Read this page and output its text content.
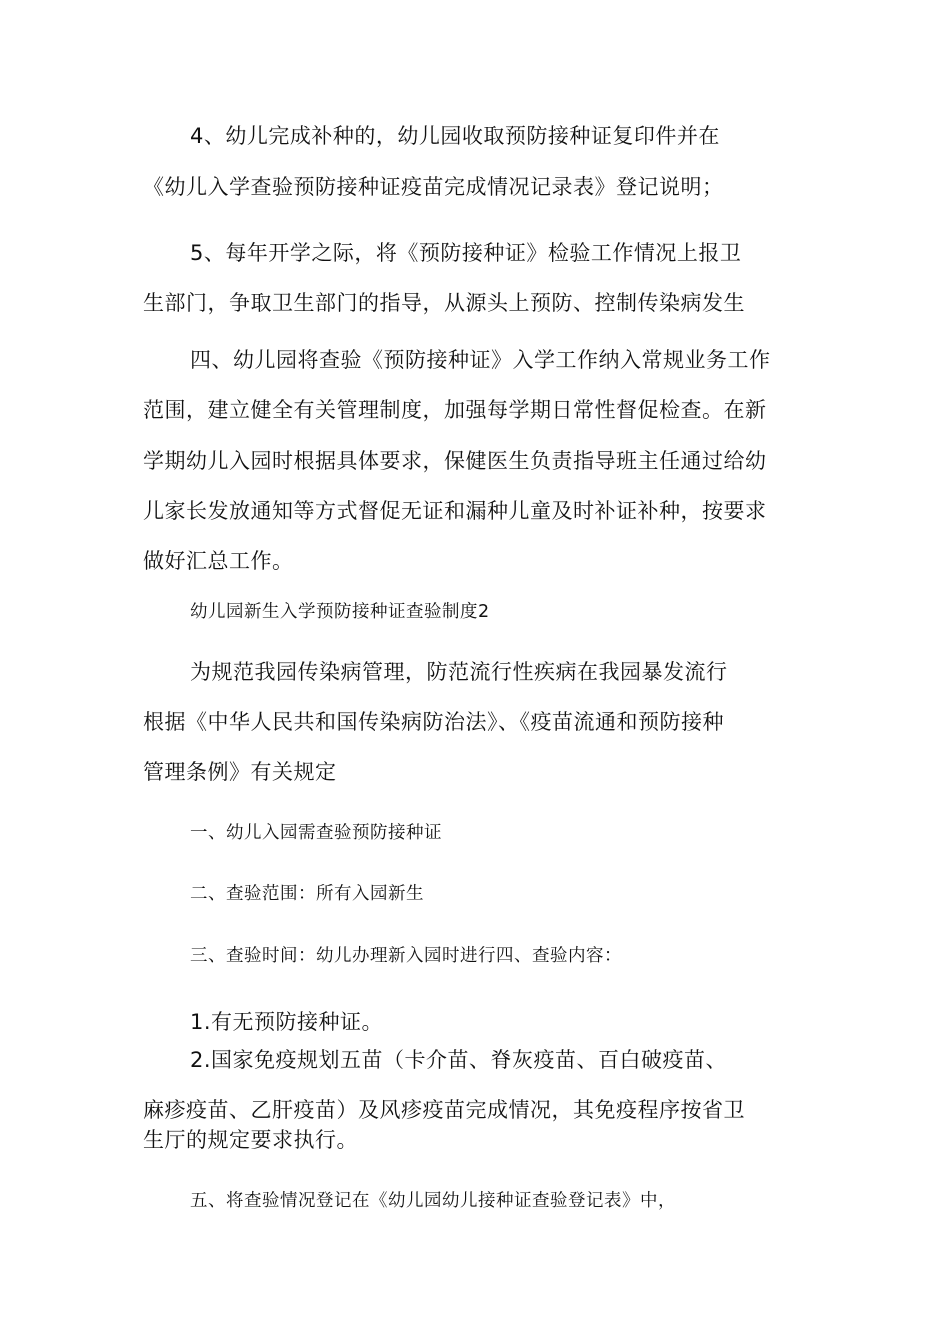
4、幼儿完成补种的，幼儿园收取预防接种证复印件并在
《幼儿入学查验预防接种证疫苗完成情况记录表》登记说明；
5、每年开学之际，将《预防接种证》检验工作情况上报卫
生部门，争取卫生部门的指导，从源头上预防、控制传染病发生
四、幼儿园将查验《预防接种证》入学工作纳入常规业务工作
范围，建立健全有关管理制度，加强每学期日常性督促检查。在新
学期幼儿入园时根据具体要求，保健医生负责指导班主任通过给幼
儿家长发放通知等方式督促无证和漏种儿童及时补证补种，按要求
做好汇总工作。
幼儿园新生入学预防接种证查验制度2
为规范我园传染病管理，防范流行性疾病在我园暴发流行
根据《中华人民共和国传染病防治法》、《疫苗流通和预防接种
管理条例》有关规定
一、幼儿入园需查验预防接种证
二、查验范围：所有入园新生
三、查验时间：幼儿办理新入园时进行四、查验内容：
1.有无预防接种证。
2.国家免疫规划五苗（卡介苗、脊灰疫苗、百白破疫苗、
麻疹疫苗、乙肝疫苗）及风疹疫苗完成情况，其免疫程序按省卫
生厅的规定要求执行。
五、将查验情况登记在《幼儿园幼儿接种证查验登记表》中，
